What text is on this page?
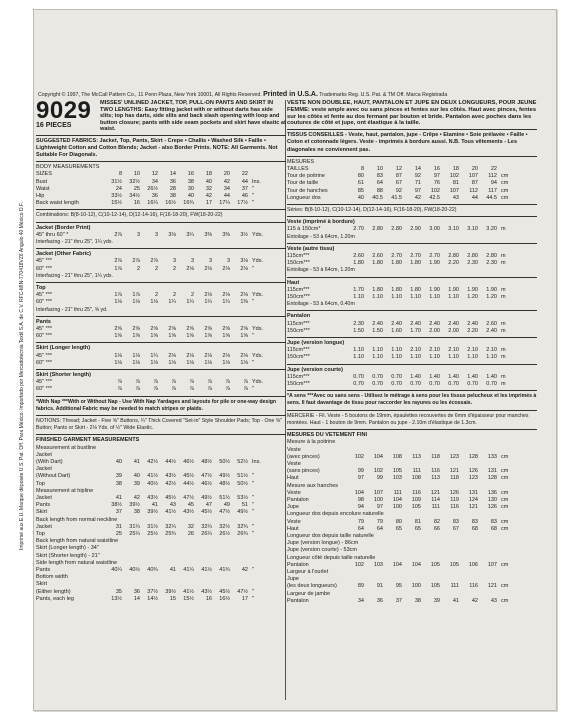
Copyright © 1997, The McCall Pattern Co., 11 Penn Plaza, New York 10001, All Rights Reserved. Printed in U.S.A. Trademarks Reg. U.S. Pat. & TM Off. Marca Registrada
Imprimé aux E.U. Marque déposée U.S. Pat. Off. Para México: Importado por Mercadotecnia Textil S.A. de C.V. RFC-MIN-770418VZ6 Angulo 40 México D.F.
9029
16 PIECES
MISSES' UNLINED JACKET, TOP, PULL-ON PANTS AND SKIRT IN TWO LENGTHS: Easy fitting jacket with or without darts has side slits; top has darts, side slits and back slash opening with loop and button closure; pants with side seam pockets and skirt have elastic at waist.
SUGGESTED FABRICS: Jacket, Top, Pants, Skirt - Crepe • Challis • Washed Silk • Faille • Lightweight Cotton and Cotton Blends; Jacket - also Border Prints. NOTE: All Garments. Not Suitable For Diagonals.
BODY MEASUREMENTS
SIZES	8	10	12	14	16	18	20	22
Bust	31½	32½	34	36	38	40	42	44 Ins.
Waist	24	25	26½	28	30	32	34	37 "
Hip	33½	34½	36	38	40	42	44	46 "
Back waist length	15½	16	16¼	16½	16¾	17	17¼	17½ "
Combinations: B(8-10-12), C(10-12-14), D(12-14-16), F(16-18-20), FW(18-20-22)
Jacket (Border Print)
45" thru 60" *	2⅞	3	3	3⅛	3¼	3⅜	3⅜	3½ Yds.
Interfacing - 21" thru 25", 1¼ yds.
Jacket (Other Fabric)
45" ***	2⅞	2⅞	2⅞	3	3	3	3	3⅛ Yds.
60" ***	1⅞	2	2	2	2⅛	2⅛	2⅛	2⅛ "
Interfacing - 21" thru 25", 1¼ yds.
Top
45" ***	1⅞	1⅞	2	2	2	2⅛	2⅛	2⅛ Yds.
60" ***	1⅛	1⅛	1⅛	1¼	1¼	1¼	1¼	1⅜ "
Interfacing - 21" thru 25", ⅝ yd.
Pants
45" ***	2⅝	2⅝	2⅝	2⅝	2⅝	2⅝	2⅝	2⅝ Yds.
60" ***	1⅝	1⅝	1⅝	1⅝	1⅝	1⅝	1⅝	1⅝ "
Skirt (Longer length)
45" ***	1⅛	1⅛	1¼	2⅛	2⅛	2⅛	2⅛	2⅛ Yds.
60" ***	1⅛	1⅛	1⅛	1⅛	1⅛	1⅛	1⅛	1⅛ "
Skirt (Shorter length)
45" ***	⅞	⅞	⅞	⅞	⅞	⅞	⅞	⅞ Yds.
60" ***	⅞	⅞	⅞	⅞	⅞	⅞	⅞	⅞ "
*With Nap ***With or Without Nap - Use With Nap Yardages and layouts for pile or one-way design fabrics. Additional Fabric may be needed to match stripes or plaids.
NOTIONS: Thread; Jacket - Five ⅝" Buttons, ¼" Thick Covered "Set-in" Style Shoulder Pads; Top - One ⅝" Button; Pants or Skirt - 2⅛ Yds. of ½" Wide Elastic.
FINISHED GARMENT MEASUREMENTS
Measurement at bustline
Jacket
(With Dart)	40	41	42½	44½	46½	48½	50½	52½ Ins.
Jacket
(Without Dart)	39	40	41½	43½	45½	47½	49½	51½ "
Top	38	39	40½	42½	44½	46½	48½	50½ "
Measurement at hipline
Jacket	41	42	43½	45½	47½	49½	51½	53½ "
Pants	38½	39½	41	43	45	47	49	51 "
Skirt	37	38	39½	41½	43½	45½	47½	49½ "
Back length from normal neckline
Jacket	31	31¼	31½	32¼	32	32¼	32½	32¾ "
Top	25	25¼	25½	25¾	26	26¼	26½	26¾ "
Back length from natural waistline
Skirt (Longer length) - 34"
Skirt (Shorter length) - 21"
Side length from natural waistline
Pants	40¼	40½	40¾	41	41¼	41½	41¾	42 "
Bottom width
Skirt
(Either length)	35	36	37½	39½	41½	43½	45½	47½ "
Pants, each leg	13½	14	14½	15	15½	16	16½	17 "
VESTE NON DOUBLEE, HAUT, PANTALON ET JUPE EN DEUX LONGUEURS, POUR JEUNE FEMME: veste ample avec ou sans pinces et fentes sur les côtés. Haut avec pinces, fentes sur les côtés et fente au dos fermant par bouton et bride. Pantalon avec poches dans les coutures de côté et jupe, ont élastique à la taille.
TISSUS CONSEILLES - Veste, haut, pantalon, jupe - Crêpe • Etamine • Soie prélavée • Faille • Coton et cotonnade légers. Veste - imprimés à bordure aussi. N.B. Tous vêtements - Les diagonales ne conviennent pas.
MESURES
TAILLES	8	10	12	14	16	18	20	22
Tour de poitrine	80	83	87	92	97	102	107	112 cm
Tour de taille	61	64	67	71	76	81	87	94 cm
Tour de hanches	85	88	92	97	102	107	112	117 cm
Longueur dos	40	40.5	41.5	42	42.5	43	44	44.5 cm
Séries: B(8-10-12), C(10-12-14), D(12-14-16), F(16-18-20), FW(18-20-22)
Veste (imprimé à bordure)
115 à 150cm*	2.70	2.80	2.80	2.90	3.00	3.10	3.10	3.20 m
Entoilage - 53 à 64cm, 1.20m
Veste (autre tissu)
115cm***	2.60	2.60	2.70	2.70	2.70	2.80	2.80	2.80 m
150cm***	1.80	1.80	1.80	1.80	1.90	2.20	2.30	2.30 m
Entoilage - 53 à 64cm, 1.20m
Haut
115cm***	1.70	1.80	1.80	1.80	1.90	1.90	1.90	1.90 m
150cm***	1.10	1.10	1.10	1.10	1.10	1.10	1.20	1.20 m
Entoilage - 53 à 64cm, 0.40m
Pantalon
115cm***	2.30	2.40	2.40	2.40	2.40	2.40	2.40	2.60 m
150cm***	1.50	1.50	1.60	1.70	2.00	2.00	2.20	2.40 m
Jupe (version longue)
115cm***	1.10	1.10	1.10	2.10	2.10	2.10	2.10	2.10 m
150cm***	1.10	1.10	1.10	1.10	1.10	1.10	1.10	1.10 m
Jupe (version courte)
115cm***	0.70	0.70	0.70	1.40	1.40	1.40	1.40	1.40 m
150cm***	0.70	0.70	0.70	0.70	0.70	0.70	0.70	0.70 m
*A sens ***Avec ou sans sens - Utilisez le métrage à sens pour les tissus pelucheux et les imprimés à sens. Il faut davantage de tissu pour raccorder les rayures ou les écossais.
MERCERIE - Fil. Veste - 5 boutons de 19mm, épaulettes recouvertes de 6mm d'épaisseur pour manches montées. Haut - 1 bouton de 9mm. Pantalon ou jupe - 2.10m d'élastique de 1.3cm.
MESURES DU VETEMENT FINI
Mesure à la poitrine
Veste
(avec pinces)	102	104	108	113	118	123	128	133 cm
Veste
(sans pinces)	99	102	105	111	116	121	126	131 cm
Haut	97	99	103	108	113	118	123	128 cm
Mesure aux hanches
Veste	104	107	111	116	121	126	131	136 cm
Pantalon	98	100	104	109	114	119	124	130 cm
Jupe	94	97	100	105	111	116	121	126 cm
Longueur dos depuis encolure naturelle
Veste	79	79	80	81	82	83	83	83 cm
Haut	64	64	65	65	66	67	68	68 cm
Longueur dos depuis taille naturelle
Jupe (version longue) - 86cm
Jupe (version courte) - 53cm
Longueur côté depuis taille naturelle
Pantalon	102	103	104	104	105	105	106	107 cm
Largeur à l'ourlet
Jupe
(les deux longueurs)	89	91	95	100	105	111	116	121 cm
Largeur de jambe
Pantalon	34	36	37	38	39	41	42	43 cm
